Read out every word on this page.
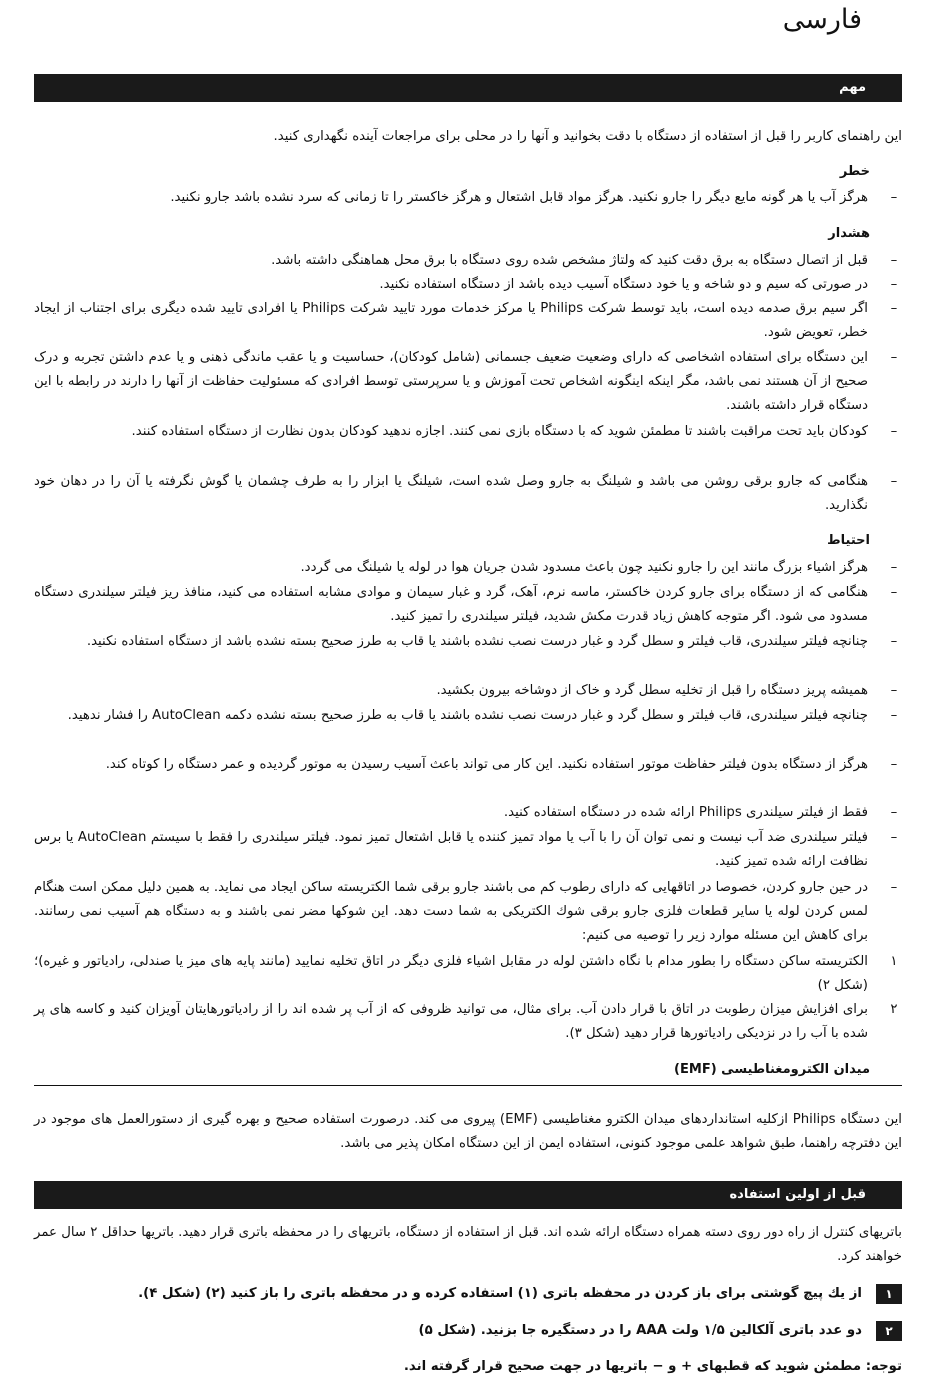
فارسی
مهم
این راهنمای کاربر را قبل از استفاده از دستگاه با دقت بخوانید و آنها را در محلی برای مراجعات آینده نگهداری کنید.
خطر
–
هرگز آب یا هر گونه مایع دیگر را جارو نکنید. هرگز مواد قابل اشتعال و هرگز خاکستر را تا زمانی که سرد نشده باشد جارو نکنید.
هشدار
–
قبل از اتصال دستگاه به برق دقت کنید که ولتاژ مشخص شده روی دستگاه با برق محل هماهنگی داشته باشد.
–
در صورتی که سیم و دو شاخه و یا خود دستگاه آسیب دیده باشد از دستگاه استفاده نکنید.
–
اگر سیم برق صدمه دیده است، باید توسط شرکت Philips یا مرکز خدمات مورد تایید شرکت Philips یا افرادی تایید شده دیگری برای اجتناب از ایجاد خطر، تعویض شود.
–
این دستگاه برای استفاده اشخاصی که دارای وضعیت ضعیف جسمانی (شامل کودکان)، حساسیت و یا عقب ماندگی ذهنی و یا عدم داشتن تجربه و درک صحیح از آن هستند نمی باشد، مگر اینکه اینگونه اشخاص تحت آموزش و یا سرپرستی توسط افرادی که مسئولیت حفاظت از آنها را دارند در رابطه با این دستگاه قرار داشته باشند.
–
کودکان باید تحت مراقبت باشند تا مطمئن شوید که با دستگاه بازی نمی کنند. اجازه ندهید کودکان بدون نظارت از دستگاه استفاده کنند.
–
هنگامی که جارو برقی روشن می باشد و شیلنگ به جارو وصل شده است، شیلنگ یا ابزار را به طرف چشمان یا گوش نگرفته یا آن را در دهان خود نگذارید.
احتیاط
–
هرگز اشیاء بزرگ مانند این را جارو نکنید چون باعث مسدود شدن جریان هوا در لوله یا شیلنگ می گردد.
–
هنگامی که از دستگاه برای جارو کردن خاکستر، ماسه نرم، آهک، گرد و غبار سیمان و موادی مشابه استفاده می کنید، منافذ ریز فیلتر سیلندری دستگاه مسدود می شود. اگر متوجه کاهش زیاد قدرت مکش شدید، فیلتر سیلندری را تمیز کنید.
–
چنانچه فیلتر سیلندری، قاب فیلتر و سطل گرد و غبار درست نصب نشده باشند یا قاب به طرز صحیح بسته نشده باشد از دستگاه استفاده نکنید.
–
همیشه پریز دستگاه را قبل از تخلیه سطل گرد و خاک از دوشاخه بیرون بکشید.
–
چنانچه فیلتر سیلندری، قاب فیلتر و سطل گرد و غبار درست نصب نشده باشند یا قاب به طرز صحیح بسته نشده دکمه AutoClean را فشار ندهید.
–
هرگز از دستگاه بدون فیلتر حفاظت موتور استفاده نکنید. این کار می تواند باعث آسیب رسیدن به موتور گردیده و عمر دستگاه را کوتاه کند.
–
فقط از فیلتر سیلندری Philips ارائه شده در دستگاه استفاده کنید.
–
فیلتر سیلندری ضد آب نیست و نمی توان آن را با آب یا مواد تمیز کننده یا قابل اشتعال تمیز نمود. فیلتر سیلندری را فقط با سیستم AutoClean یا برس نظافت ارائه شده تمیز کنید.
–
در حین جارو کردن، خصوصا در اتاقهایی که دارای رطوب کم می باشند جارو برقی شما الکتریسته ساکن ایجاد می نماید. به همین دلیل ممکن است هنگام لمس کردن لوله یا سایر قطعات فلزی جارو برقی شوك الکتریکی به شما دست دهد. این شوکها مضر نمی باشند و به دستگاه هم آسیب نمی رسانند. برای کاهش این مسئله موارد زیر را توصیه می کنیم:
۱
الکتریسته ساکن دستگاه را بطور مدام با نگاه داشتن لوله در مقابل اشیاء فلزی دیگر در اتاق تخلیه نمایید (مانند پایه های میز یا صندلی، رادیاتور و غیره)؛ (شکل ٢)
۲
برای افزایش میزان رطوبت در اتاق با قرار دادن آب. برای مثال، می توانید ظروفی که از آب پر شده اند را از رادیاتورهایتان آویزان کنید و کاسه های پر شده با آب را در نزدیکی رادیاتورها قرار دهید (شکل ٣).
میدان الکترومغناطیسی (EMF)
این دستگاه Philips ازکلیه استانداردهای میدان الکترو مغناطیسی (EMF) پیروی می کند. درصورت استفاده صحیح و بهره گیری از دستورالعمل های موجود در این دفترچه راهنما، طبق شواهد علمی موجود کنونی، استفاده ایمن از این دستگاه امکان پذیر می باشد.
قبل از اولین استفاده
باتریهای کنترل از راه دور روی دسته همراه دستگاه ارائه شده اند. قبل از استفاده از دستگاه، باتریهای را در محفظه باتری قرار دهید. باتریها حداقل ۲ سال عمر خواهند کرد.
۱
از یك پیچ گوشتی برای باز کردن در محفظه باتری (۱) استفاده کرده و در محفظه باتری را باز کنید (۲) (شکل ۴).
۲
دو عدد باتری آلکالین ۱/۵ ولت AAA را در دستگیره جا بزنید. (شکل ۵)
توجه: مطمئن شوید که قطبهای + و − باتریها در جهت صحیح قرار گرفته اند.
